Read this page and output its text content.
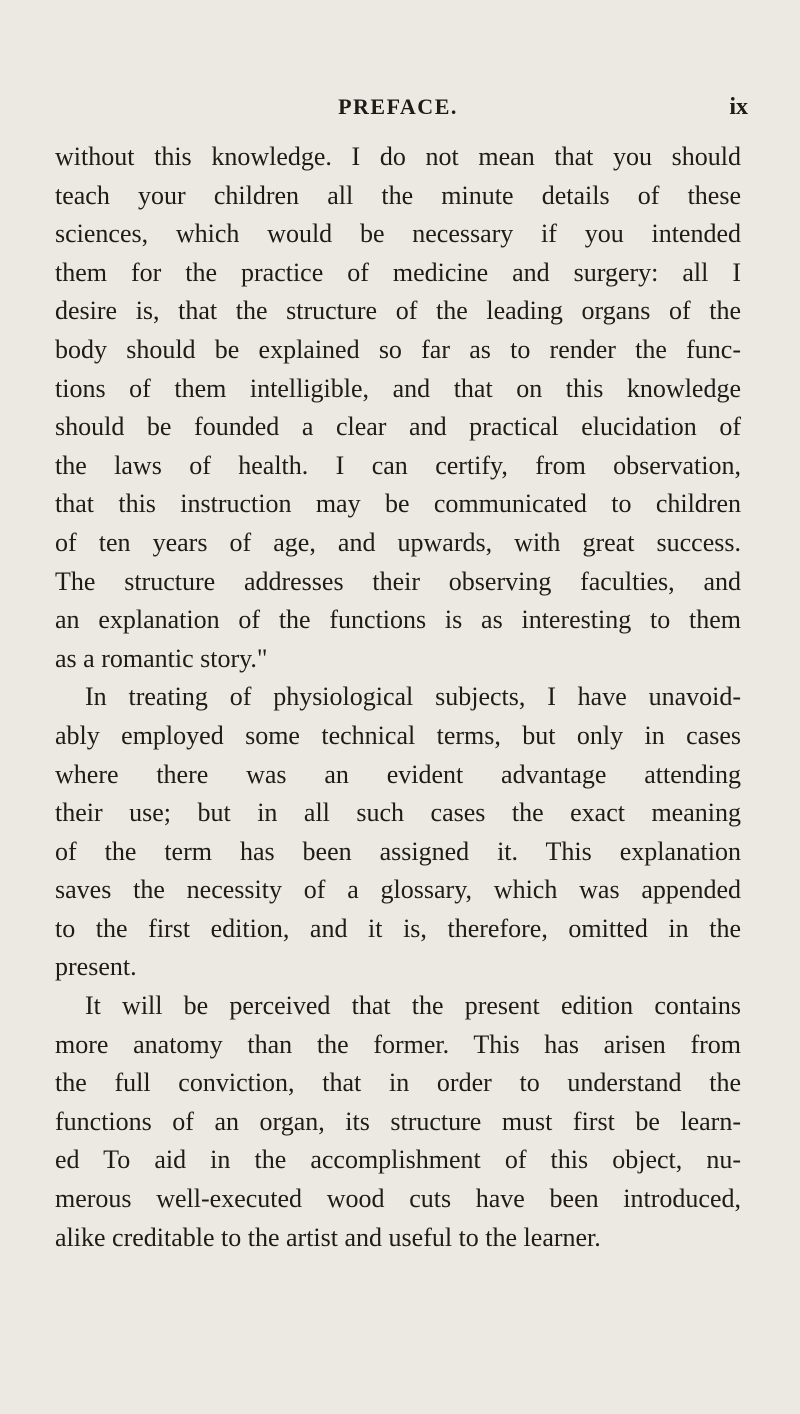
PREFACE.	ix
without this knowledge. I do not mean that you should
teach your children all the minute details of these
sciences, which would be necessary if you intended
them for the practice of medicine and surgery: all I
desire is, that the structure of the leading organs of the
body should be explained so far as to render the func-
tions of them intelligible, and that on this knowledge
should be founded a clear and practical elucidation of
the laws of health. I can certify, from observation,
that this instruction may be communicated to children
of ten years of age, and upwards, with great success.
The structure addresses their observing faculties, and
an explanation of the functions is as interesting to them
as a romantic story."
In treating of physiological subjects, I have unavoid-
ably employed some technical terms, but only in cases
where there was an evident advantage attending
their use; but in all such cases the exact meaning
of the term has been assigned it. This explanation
saves the necessity of a glossary, which was appended
to the first edition, and it is, therefore, omitted in the
present.
It will be perceived that the present edition contains
more anatomy than the former. This has arisen from
the full conviction, that in order to understand the
functions of an organ, its structure must first be learn-
ed To aid in the accomplishment of this object, nu-
merous well-executed wood cuts have been introduced,
alike creditable to the artist and useful to the learner.
